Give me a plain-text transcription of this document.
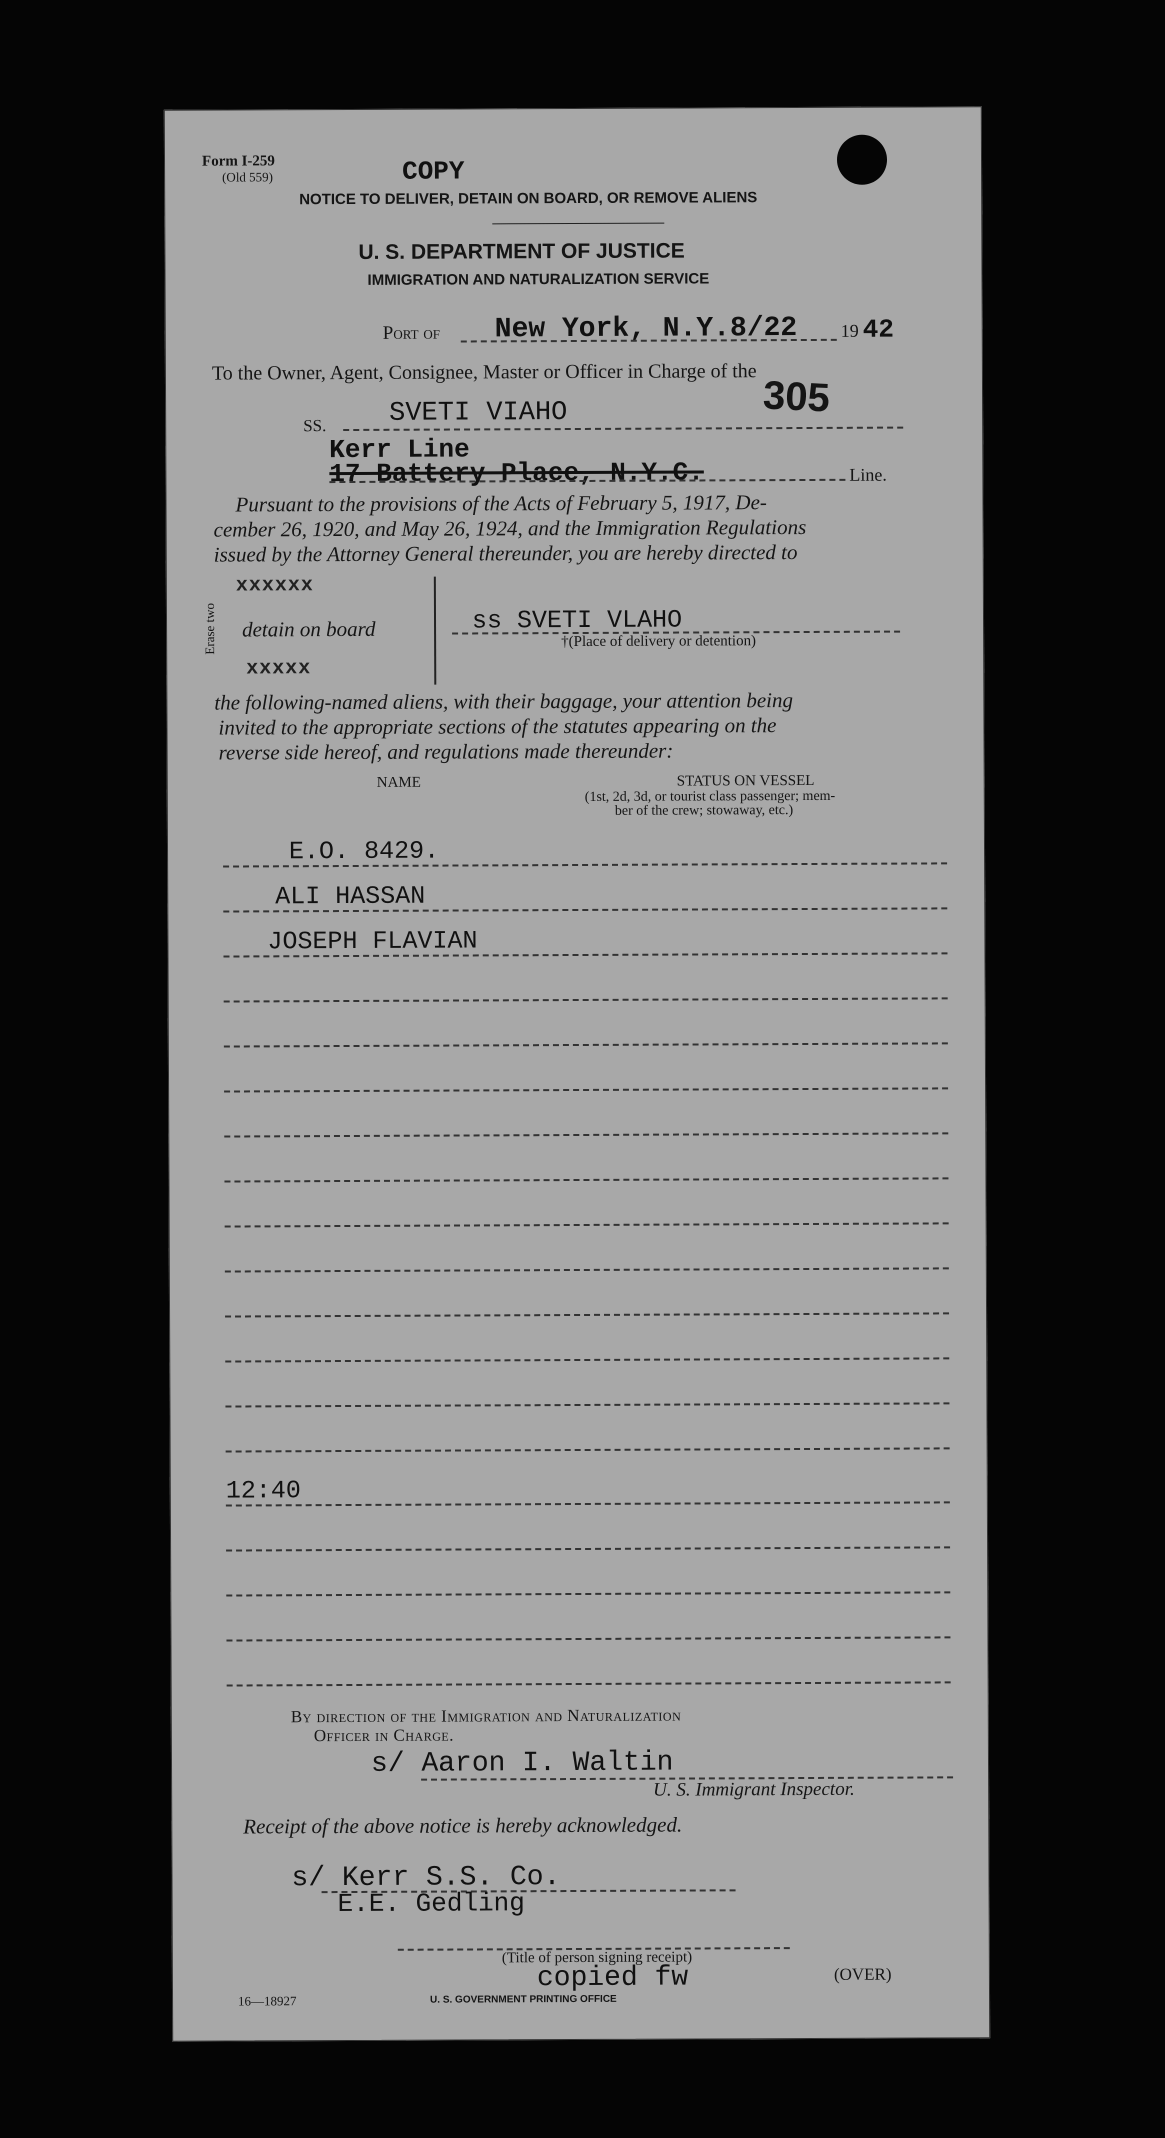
Form I-259
(Old 559)	COPY
NOTICE TO DELIVER, DETAIN ON BOARD, OR REMOVE ALIENS
U. S. DEPARTMENT OF JUSTICE
IMMIGRATION AND NATURALIZATION SERVICE
Port of New York, N.Y.8/22 19 42
To the Owner, Agent, Consignee, Master or Officer in Charge of the
SS. SVETI VIAHO	305
Kerr Line
17 Battery Place, N.Y.C.	Line.
Pursuant to the provisions of the Acts of February 5, 1917, De-
cember 26, 1920, and May 26, 1924, and the Immigration Regulations
issued by the Attorney General thereunder, you are hereby directed to
Erase two
xxxxxx
detain on board
xxxxx
ss SVETI VLAHO
†(Place of delivery or detention)
the following-named aliens, with their baggage, your attention being
invited to the appropriate sections of the statutes appearing on the
reverse side hereof, and regulations made thereunder:
NAME	STATUS ON VESSEL
(1st, 2d, 3d, or tourist class passenger; mem-
ber of the crew; stowaway, etc.)
E.O. 8429.
ALI HASSAN
JOSEPH FLAVIAN
12:40
By direction of the Immigration and Naturalization
Officer in Charge.
s/ Aaron I. Waltin
U. S. Immigrant Inspector.
Receipt of the above notice is hereby acknowledged.
s/ Kerr S.S. Co.
E.E. Gedling
(Title of person signing receipt)
16—18927
copied fw
U. S. GOVERNMENT PRINTING OFFICE
(OVER)
